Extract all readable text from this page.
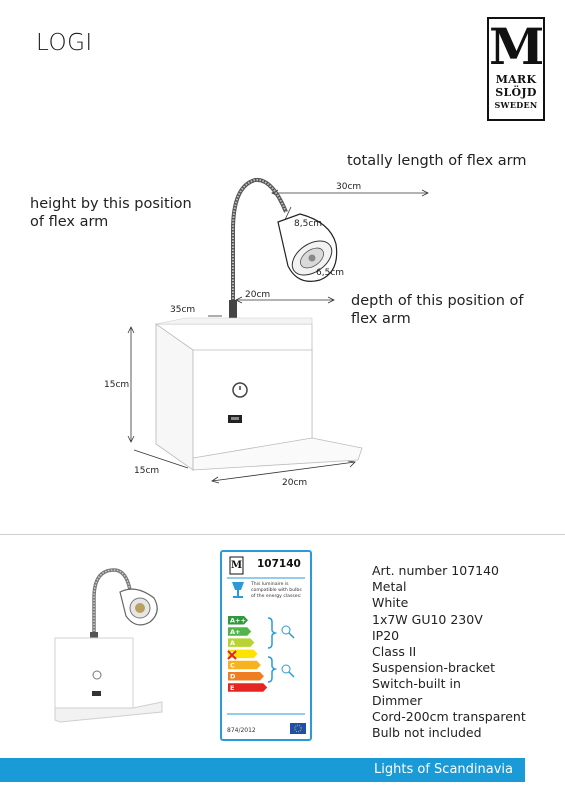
LOGI	M
MARK
SLÖJD
SWEDEN
totally length of flex arm
height by this position
of flex arm
depth of this position of
flex arm
30cm
8,5cm
6,5cm
20cm
35cm
15cm
15cm
20cm
M
A++
A+
A
C
D
E
107140
This luminaire is
compatible with bulbs
of the energy classes:
874/2012
Art. number 107140
Metal
White
1x7W GU10 230V
IP20
Class II
Suspension-bracket
Switch-built in
Dimmer
Cord-200cm transparent
Bulb not included
Lights of Scandinavia
